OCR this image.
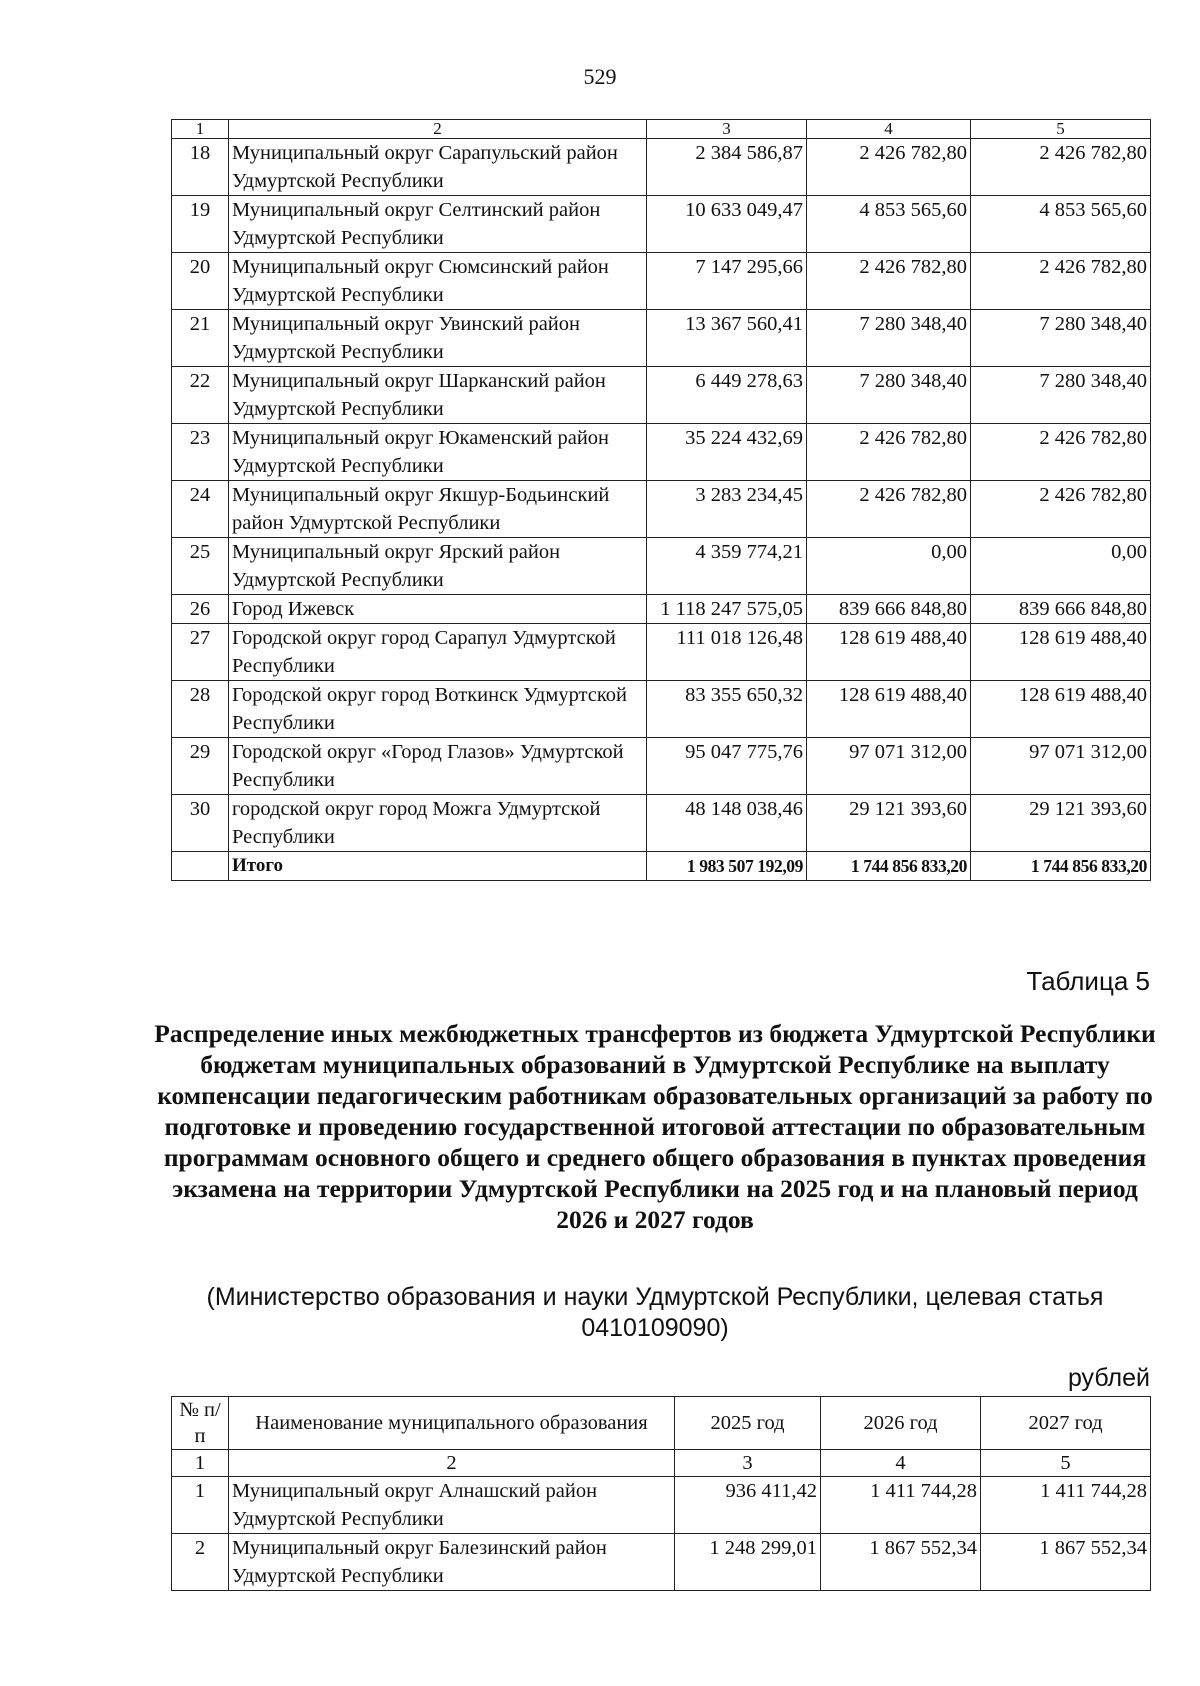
529
1	2	3	4	5
18	Муниципальный округ Сарапульский район Удмуртской Республики	2 384 586,87	2 426 782,80	2 426 782,80
19	Муниципальный округ Селтинский район Удмуртской Республики	10 633 049,47	4 853 565,60	4 853 565,60
20	Муниципальный округ Сюмсинский район Удмуртской Республики	7 147 295,66	2 426 782,80	2 426 782,80
21	Муниципальный округ Увинский район Удмуртской Республики	13 367 560,41	7 280 348,40	7 280 348,40
22	Муниципальный округ Шарканский район Удмуртской Республики	6 449 278,63	7 280 348,40	7 280 348,40
23	Муниципальный округ Юкаменский район Удмуртской Республики	35 224 432,69	2 426 782,80	2 426 782,80
24	Муниципальный округ Якшур-Бодьинский район Удмуртской Республики	3 283 234,45	2 426 782,80	2 426 782,80
25	Муниципальный округ Ярский район Удмуртской Республики	4 359 774,21	0,00	0,00
26	Город Ижевск	1 118 247 575,05	839 666 848,80	839 666 848,80
27	Городской округ город Сарапул Удмуртской Республики	111 018 126,48	128 619 488,40	128 619 488,40
28	Городской округ город Воткинск Удмуртской Республики	83 355 650,32	128 619 488,40	128 619 488,40
29	Городской округ «Город Глазов» Удмуртской Республики	95 047 775,76	97 071 312,00	97 071 312,00
30	городской округ город Можга Удмуртской Республики	48 148 038,46	29 121 393,60	29 121 393,60
	Итого	1 983 507 192,09	1 744 856 833,20	1 744 856 833,20
Таблица 5
Распределение иных межбюджетных трансфертов из бюджета Удмуртской Республики бюджетам муниципальных образований в Удмуртской Республике на выплату компенсации педагогическим работникам образовательных организаций за работу по подготовке и проведению государственной итоговой аттестации по образовательным программам основного общего и среднего общего образования в пунктах проведения экзамена на территории Удмуртской Республики на 2025 год и на плановый период 2026 и 2027 годов
(Министерство образования и науки Удмуртской Республики, целевая статья 0410109090)
рублей
№ п/п	Наименование муниципального образования	2025 год	2026 год	2027 год
1	2	3	4	5
1	Муниципальный округ Алнашский район Удмуртской Республики	936 411,42	1 411 744,28	1 411 744,28
2	Муниципальный округ Балезинский район Удмуртской Республики	1 248 299,01	1 867 552,34	1 867 552,34
